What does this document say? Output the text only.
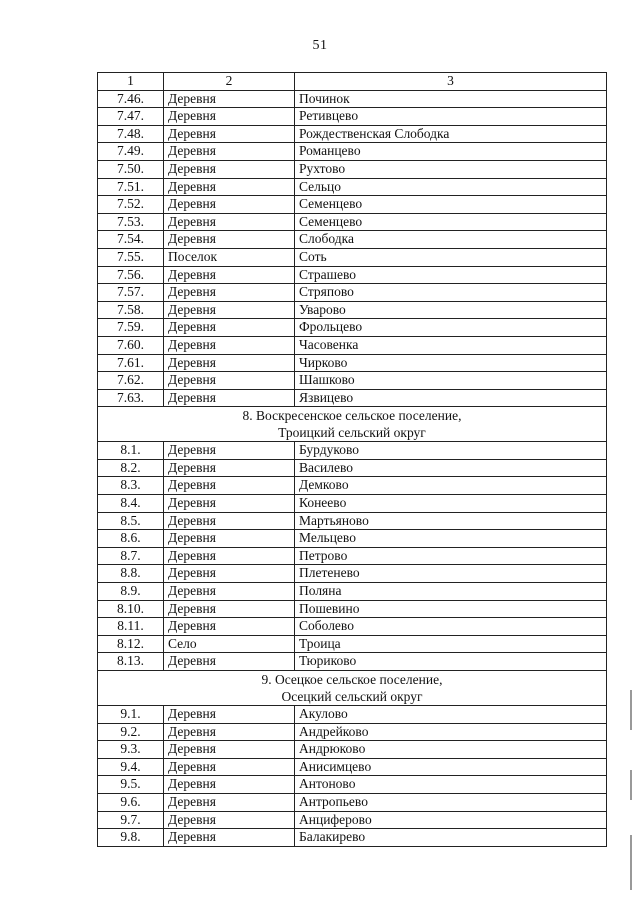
51
1	2	3
7.46.	Деревня	Починок
7.47.	Деревня	Ретивцево
7.48.	Деревня	Рождественская Слободка
7.49.	Деревня	Романцево
7.50.	Деревня	Рухтово
7.51.	Деревня	Сельцо
7.52.	Деревня	Семенцево
7.53.	Деревня	Семенцево
7.54.	Деревня	Слободка
7.55.	Поселок	Соть
7.56.	Деревня	Страшево
7.57.	Деревня	Стряпово
7.58.	Деревня	Уварово
7.59.	Деревня	Фрольцево
7.60.	Деревня	Часовенка
7.61.	Деревня	Чирково
7.62.	Деревня	Шашково
7.63.	Деревня	Язвицево

8. Воскресенское сельское поселение,
Троицкий сельский округ		

8.1.	Деревня	Бурдуково
8.2.	Деревня	Василево
8.3.	Деревня	Демково
8.4.	Деревня	Конеево
8.5.	Деревня	Мартьяново
8.6.	Деревня	Мельцево
8.7.	Деревня	Петрово
8.8.	Деревня	Плетенево
8.9.	Деревня	Поляна
8.10.	Деревня	Пошевино
8.11.	Деревня	Соболево
8.12.	Село	Троица
8.13.	Деревня	Тюриково

9. Осецкое сельское поселение,
Осецкий сельский округ		

9.1.	Деревня	Акулово
9.2.	Деревня	Андрейково
9.3.	Деревня	Андрюково
9.4.	Деревня	Анисимцево
9.5.	Деревня	Антоново
9.6.	Деревня	Антропьево
9.7.	Деревня	Анциферово
9.8.	Деревня	Балакирево
